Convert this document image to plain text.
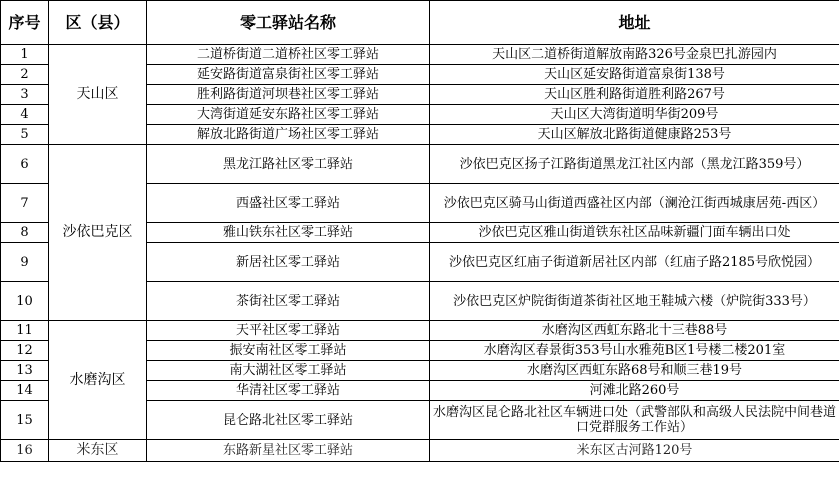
序号	区（县）	零工驿站名称	地址
1	天山区	二道桥街道二道桥社区零工驿站	天山区二道桥街道解放南路326号金泉巴扎游园内
2		延安路街道富泉街社区零工驿站	天山区延安路街道富泉街138号
3		胜利路街道河坝巷社区零工驿站	天山区胜利路街道胜利路267号
4		大湾街道延安东路社区零工驿站	天山区大湾街道明华街209号
5		解放北路街道广场社区零工驿站	天山区解放北路街道健康路253号
6	沙依巴克区	黑龙江路社区零工驿站	沙依巴克区扬子江路街道黑龙江社区内部（黑龙江路359号）
7		西盛社区零工驿站	沙依巴克区骑马山街道西盛社区内部（澜沧江街西城康居苑-西区）
8		雅山铁东社区零工驿站	沙依巴克区雅山街道铁东社区品味新疆门面车辆出口处
9		新居社区零工驿站	沙依巴克区红庙子街道新居社区内部（红庙子路2185号欣悦园）
10		茶街社区零工驿站	沙依巴克区炉院街街道茶街社区地王鞋城六楼（炉院街333号）
11	水磨沟区	天平社区零工驿站	水磨沟区西虹东路北十三巷88号
12		振安南社区零工驿站	水磨沟区春景街353号山水雅苑B区1号楼二楼201室
13		南大湖社区零工驿站	水磨沟区西虹东路68号和顺三巷19号
14		华清社区零工驿站	河滩北路260号
15		昆仑路北社区零工驿站	水磨沟区昆仑路北社区车辆进口处（武警部队和高级人民法院中间巷道口党群服务工作站）
16	米东区	东路新星社区零工驿站	米东区古河路120号
